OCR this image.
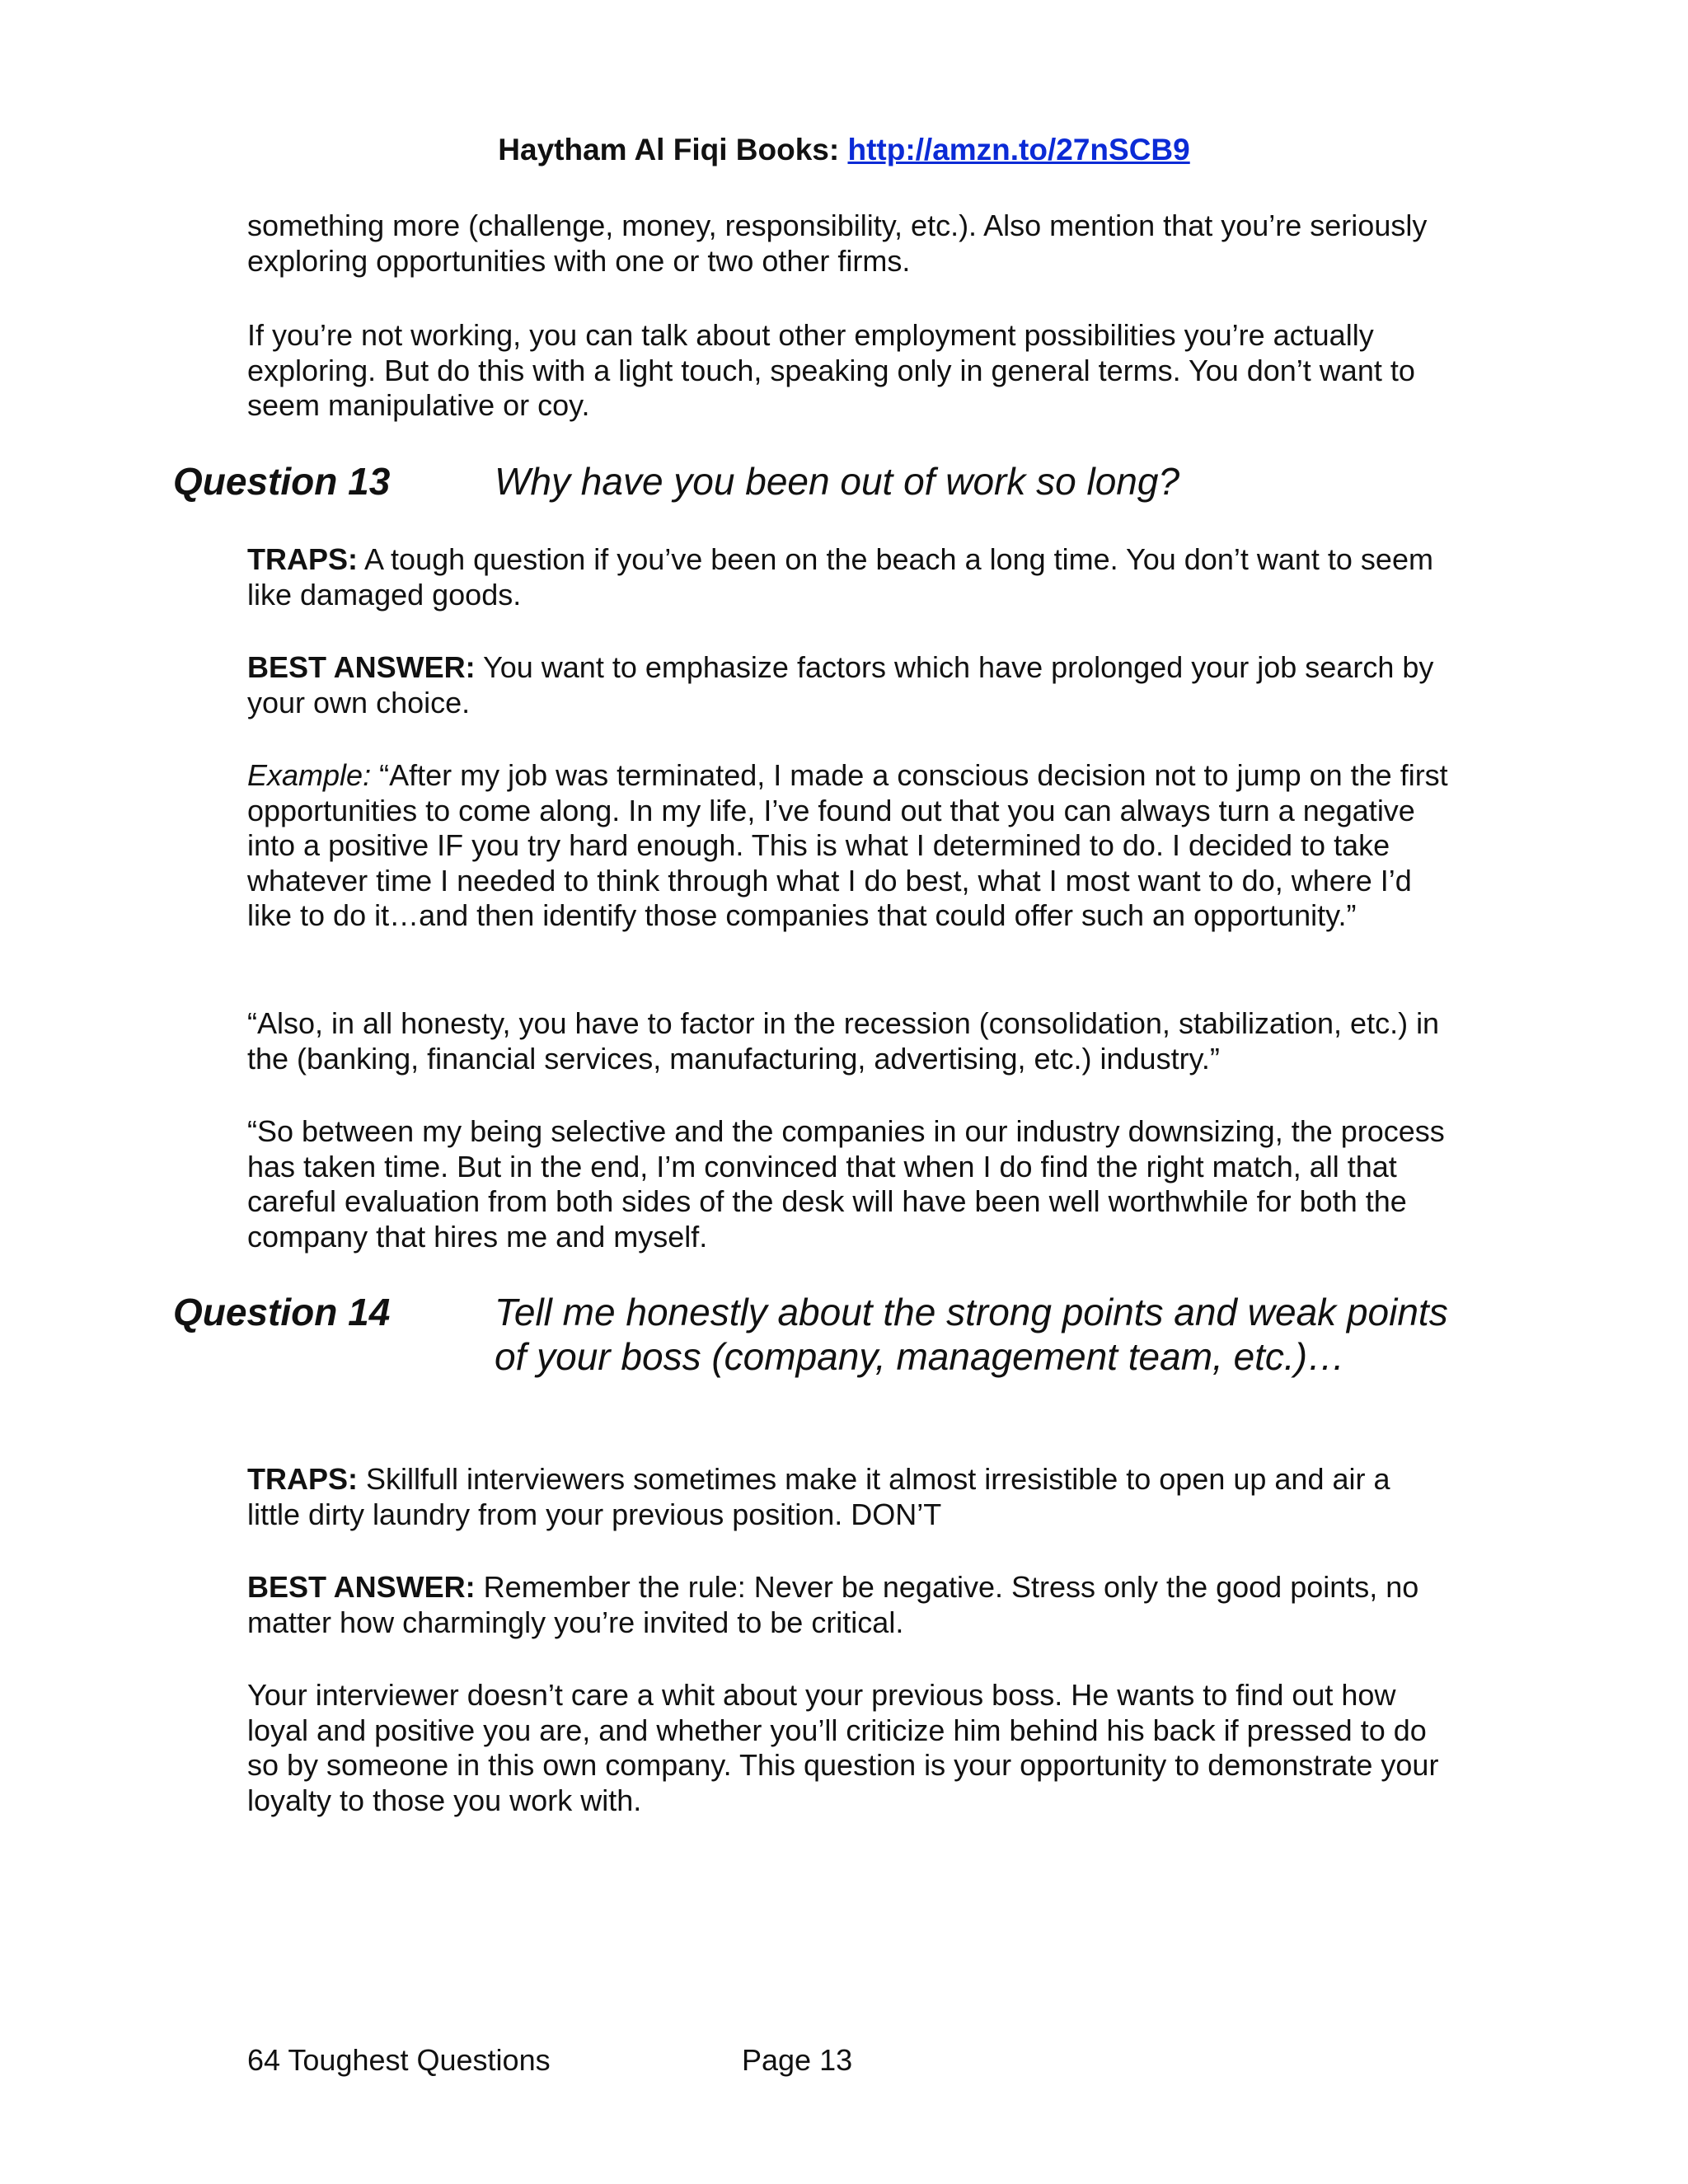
Haytham Al Fiqi Books: http://amzn.to/27nSCB9

something more (challenge, money, responsibility, etc.). Also mention that you’re seriously exploring opportunities with one or two other firms.

If you’re not working, you can talk about other employment possibilities you’re actually exploring. But do this with a light touch, speaking only in general terms. You don’t want to seem manipulative or coy.

Question 13	Why have you been out of work so long?

TRAPS: A tough question if you’ve been on the beach a long time. You don’t want to seem like damaged goods.

BEST ANSWER: You want to emphasize factors which have prolonged your job search by your own choice.

Example: “After my job was terminated, I made a conscious decision not to jump on the first opportunities to come along. In my life, I’ve found out that you can always turn a negative into a positive IF you try hard enough. This is what I determined to do. I decided to take whatever time I needed to think through what I do best, what I most want to do, where I’d like to do it…and then identify those companies that could offer such an opportunity.”

“Also, in all honesty, you have to factor in the recession (consolidation, stabilization, etc.) in the (banking, financial services, manufacturing, advertising, etc.) industry.”

“So between my being selective and the companies in our industry downsizing, the process has taken time. But in the end, I’m convinced that when I do find the right match, all that careful evaluation from both sides of the desk will have been well worthwhile for both the company that hires me and myself.

Question 14	Tell me honestly about the strong points and weak points of your boss (company, management team, etc.)…

TRAPS: Skillfull interviewers sometimes make it almost irresistible to open up and air a little dirty laundry from your previous position. DON’T

BEST ANSWER: Remember the rule: Never be negative. Stress only the good points, no matter how charmingly you’re invited to be critical.

Your interviewer doesn’t care a whit about your previous boss. He wants to find out how loyal and positive you are, and whether you’ll criticize him behind his back if pressed to do so by someone in this own company. This question is your opportunity to demonstrate your loyalty to those you work with.

64 Toughest Questions	Page 13
